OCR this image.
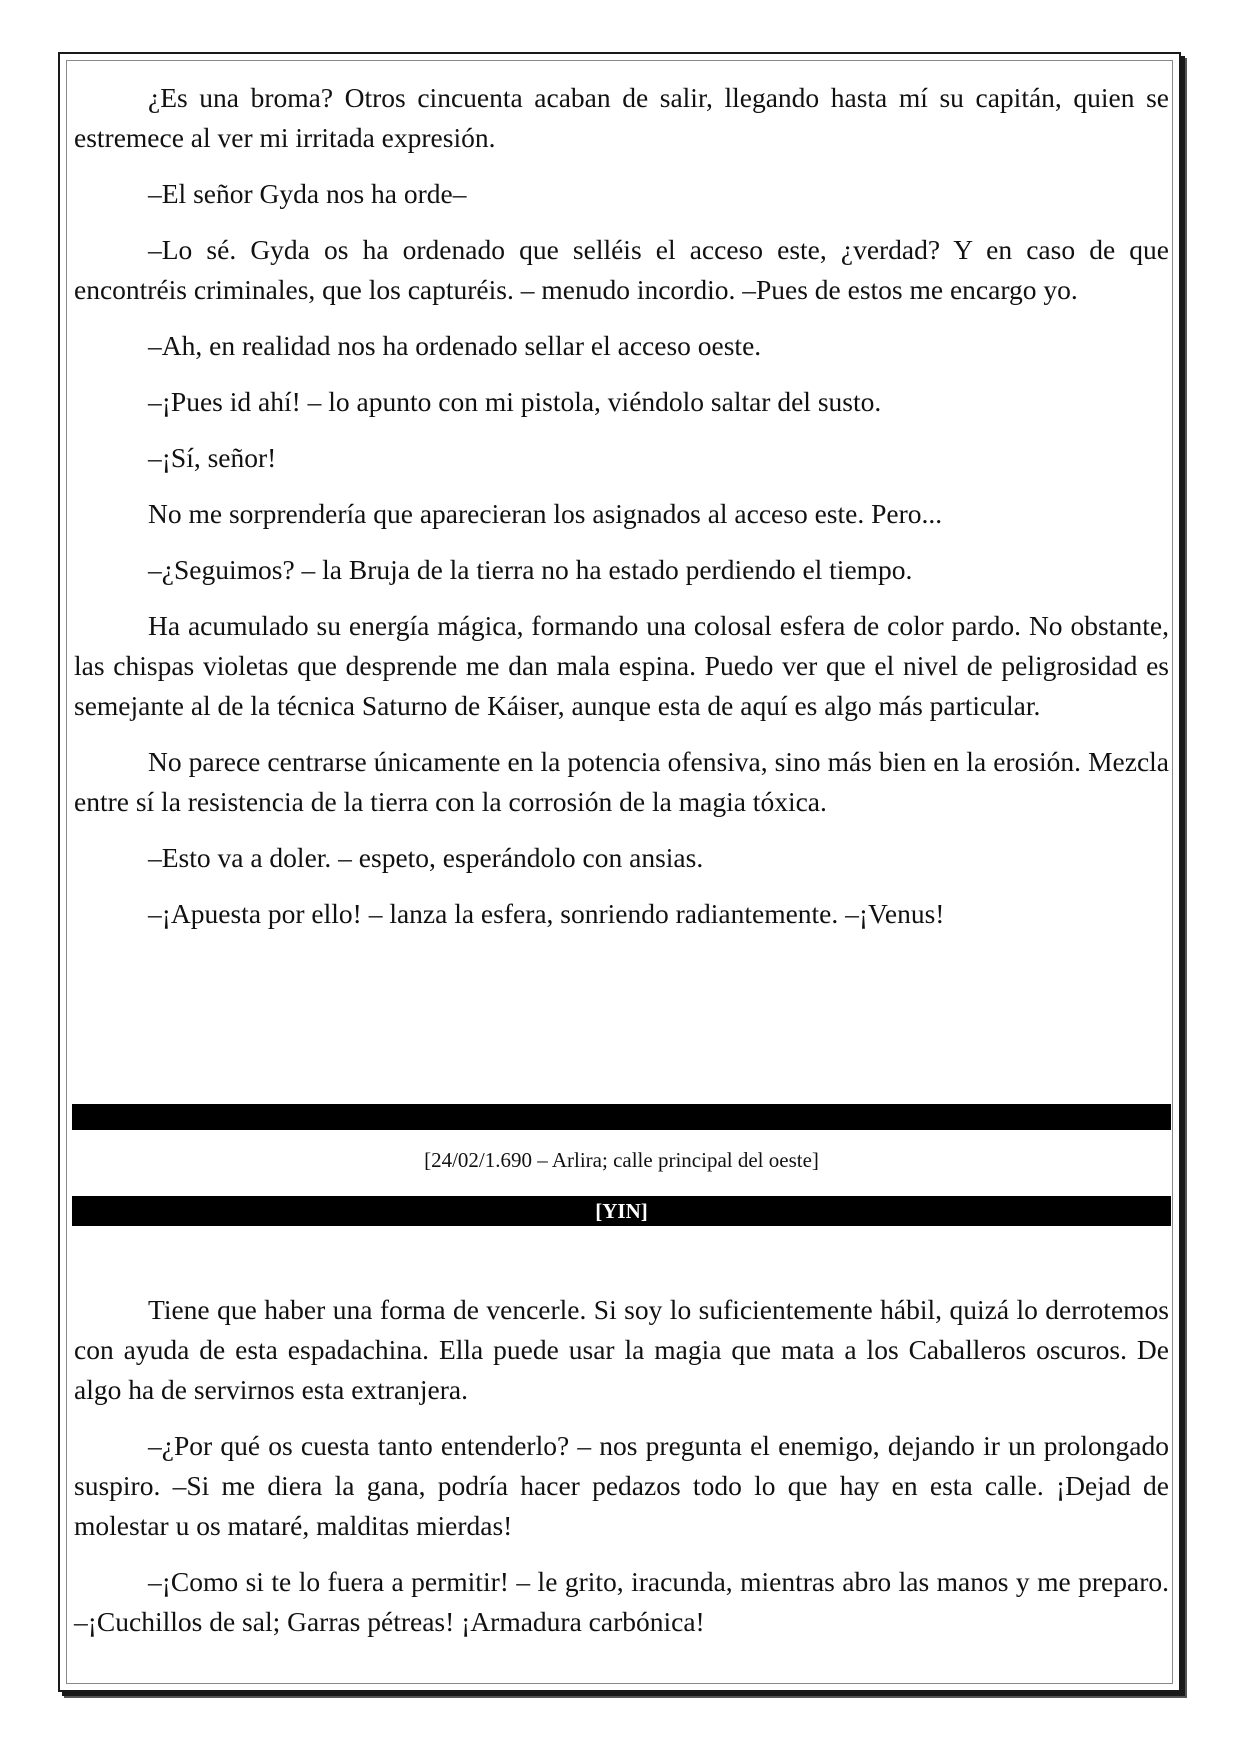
¿Es una broma? Otros cincuenta acaban de salir, llegando hasta mí su capitán, quien se estremece al ver mi irritada expresión.

–El señor Gyda nos ha orde–

–Lo sé. Gyda os ha ordenado que selléis el acceso este, ¿verdad? Y en caso de que encontréis criminales, que los capturéis. – menudo incordio. –Pues de estos me encargo yo.

–Ah, en realidad nos ha ordenado sellar el acceso oeste.

–¡Pues id ahí! – lo apunto con mi pistola, viéndolo saltar del susto.

–¡Sí, señor!

No me sorprendería que aparecieran los asignados al acceso este. Pero...

–¿Seguimos? – la Bruja de la tierra no ha estado perdiendo el tiempo.

Ha acumulado su energía mágica, formando una colosal esfera de color pardo. No obstante, las chispas violetas que desprende me dan mala espina. Puedo ver que el nivel de peligrosidad es semejante al de la técnica Saturno de Káiser, aunque esta de aquí es algo más particular.

No parece centrarse únicamente en la potencia ofensiva, sino más bien en la erosión. Mezcla entre sí la resistencia de la tierra con la corrosión de la magia tóxica.

–Esto va a doler. – espeto, esperándolo con ansias.

–¡Apuesta por ello! – lanza la esfera, sonriendo radiantemente. –¡Venus!

[24/02/1.690 – Arlira; calle principal del oeste]
[YIN]

Tiene que haber una forma de vencerle. Si soy lo suficientemente hábil, quizá lo derrotemos con ayuda de esta espadachina. Ella puede usar la magia que mata a los Caballeros oscuros. De algo ha de servirnos esta extranjera.

–¿Por qué os cuesta tanto entenderlo? – nos pregunta el enemigo, dejando ir un prolongado suspiro. –Si me diera la gana, podría hacer pedazos todo lo que hay en esta calle. ¡Dejad de molestar u os mataré, malditas mierdas!

–¡Como si te lo fuera a permitir! – le grito, iracunda, mientras abro las manos y me preparo. –¡Cuchillos de sal; Garras pétreas! ¡Armadura carbónica!
